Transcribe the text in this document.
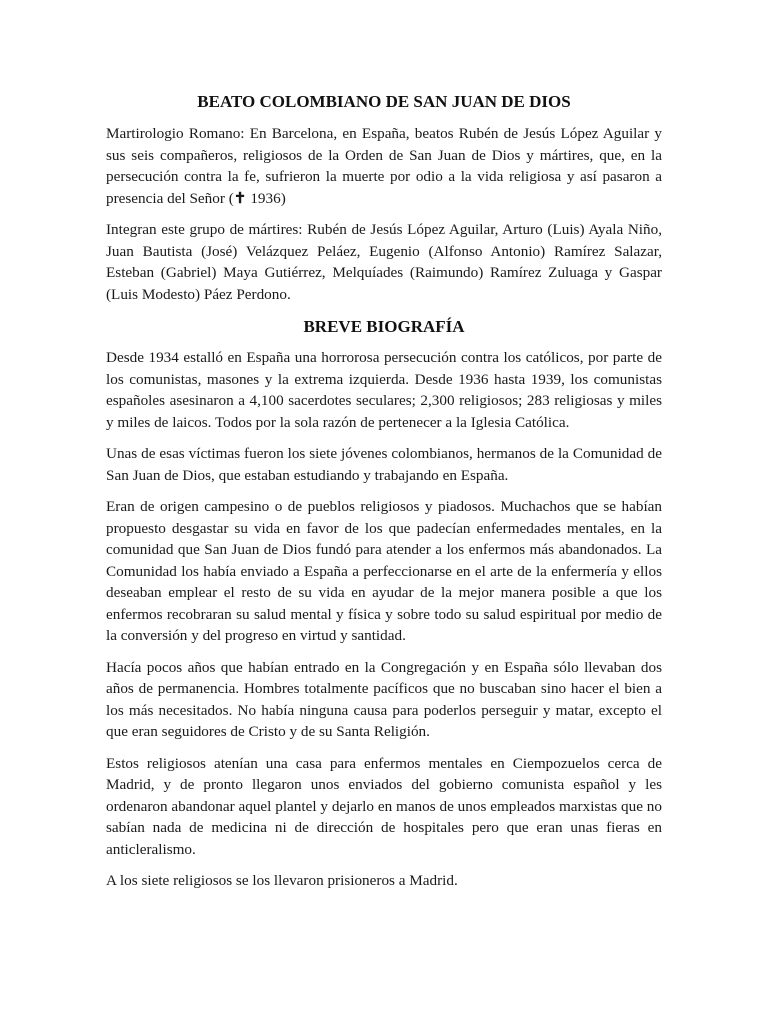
BEATO COLOMBIANO DE SAN JUAN DE DIOS

Martirologio Romano: En Barcelona, en España, beatos Rubén de Jesús López Aguilar y sus seis compañeros, religiosos de la Orden de San Juan de Dios y mártires, que, en la persecución contra la fe, sufrieron la muerte por odio a la vida religiosa y así pasaron a presencia del Señor (✝ 1936)

Integran este grupo de mártires: Rubén de Jesús López Aguilar, Arturo (Luis) Ayala Niño, Juan Bautista (José) Velázquez Peláez, Eugenio (Alfonso Antonio) Ramírez Salazar, Esteban (Gabriel) Maya Gutiérrez, Melquíades (Raimundo) Ramírez Zuluaga y Gaspar (Luis Modesto) Páez Perdono.

BREVE BIOGRAFÍA

Desde 1934 estalló en España una horrorosa persecución contra los católicos, por parte de los comunistas, masones y la extrema izquierda. Desde 1936 hasta 1939, los comunistas españoles asesinaron a 4,100 sacerdotes seculares; 2,300 religiosos; 283 religiosas y miles y miles de laicos. Todos por la sola razón de pertenecer a la Iglesia Católica.

Unas de esas víctimas fueron los siete jóvenes colombianos, hermanos de la Comunidad de San Juan de Dios, que estaban estudiando y trabajando en España.

Eran de origen campesino o de pueblos religiosos y piadosos. Muchachos que se habían propuesto desgastar su vida en favor de los que padecían enfermedades mentales, en la comunidad que San Juan de Dios fundó para atender a los enfermos más abandonados. La Comunidad los había enviado a España a perfeccionarse en el arte de la enfermería y ellos deseaban emplear el resto de su vida en ayudar de la mejor manera posible a que los enfermos recobraran su salud mental y física y sobre todo su salud espiritual por medio de la conversión y del progreso en virtud y santidad.

Hacía pocos años que habían entrado en la Congregación y en España sólo llevaban dos años de permanencia. Hombres totalmente pacíficos que no buscaban sino hacer el bien a los más necesitados. No había ninguna causa para poderlos perseguir y matar, excepto el que eran seguidores de Cristo y de su Santa Religión.

Estos religiosos atenían una casa para enfermos mentales en Ciempozuelos cerca de Madrid, y de pronto llegaron unos enviados del gobierno comunista español y les ordenaron abandonar aquel plantel y dejarlo en manos de unos empleados marxistas que no sabían nada de medicina ni de dirección de hospitales pero que eran unas fieras en anticleralismo.

A los siete religiosos se los llevaron prisioneros a Madrid.
